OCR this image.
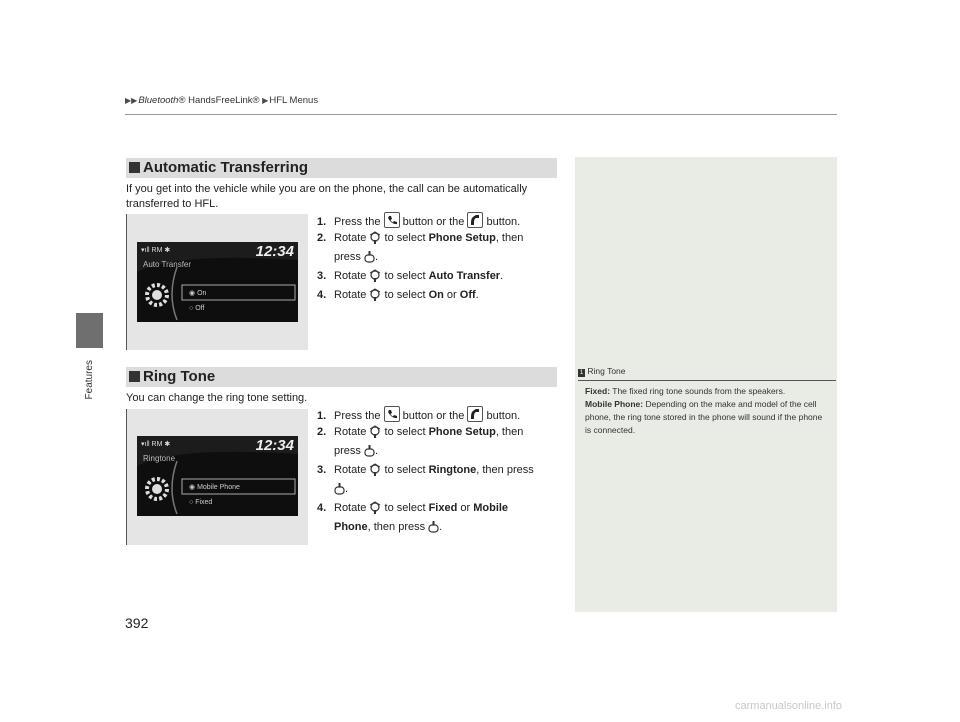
▶▶Bluetooth® HandsFreeLink® ▶HFL Menus
Features
Automatic Transferring
If you get into the vehicle while you are on the phone, the call can be automatically transferred to HFL.
▾ıll RM ✱	12:34
Auto Transfer
◉ On
○ Off
1. Press the button or the button.
2. Rotate to select Phone Setup, then
press .
3. Rotate to select Auto Transfer.
4. Rotate to select On or Off.
Ring Tone
You can change the ring tone setting.
▾ıll RM ✱	12:34
Ringtone
◉ Mobile Phone
○ Fixed
1. Press the button or the button.
2. Rotate to select Phone Setup, then
press .
3. Rotate to select Ringtone, then press
.
4. Rotate to select Fixed or Mobile
Phone, then press .
1 Ring Tone
Fixed: The fixed ring tone sounds from the speakers.
Mobile Phone: Depending on the make and model of the cell phone, the ring tone stored in the phone will sound if the phone is connected.
392
carmanualsonline.info
